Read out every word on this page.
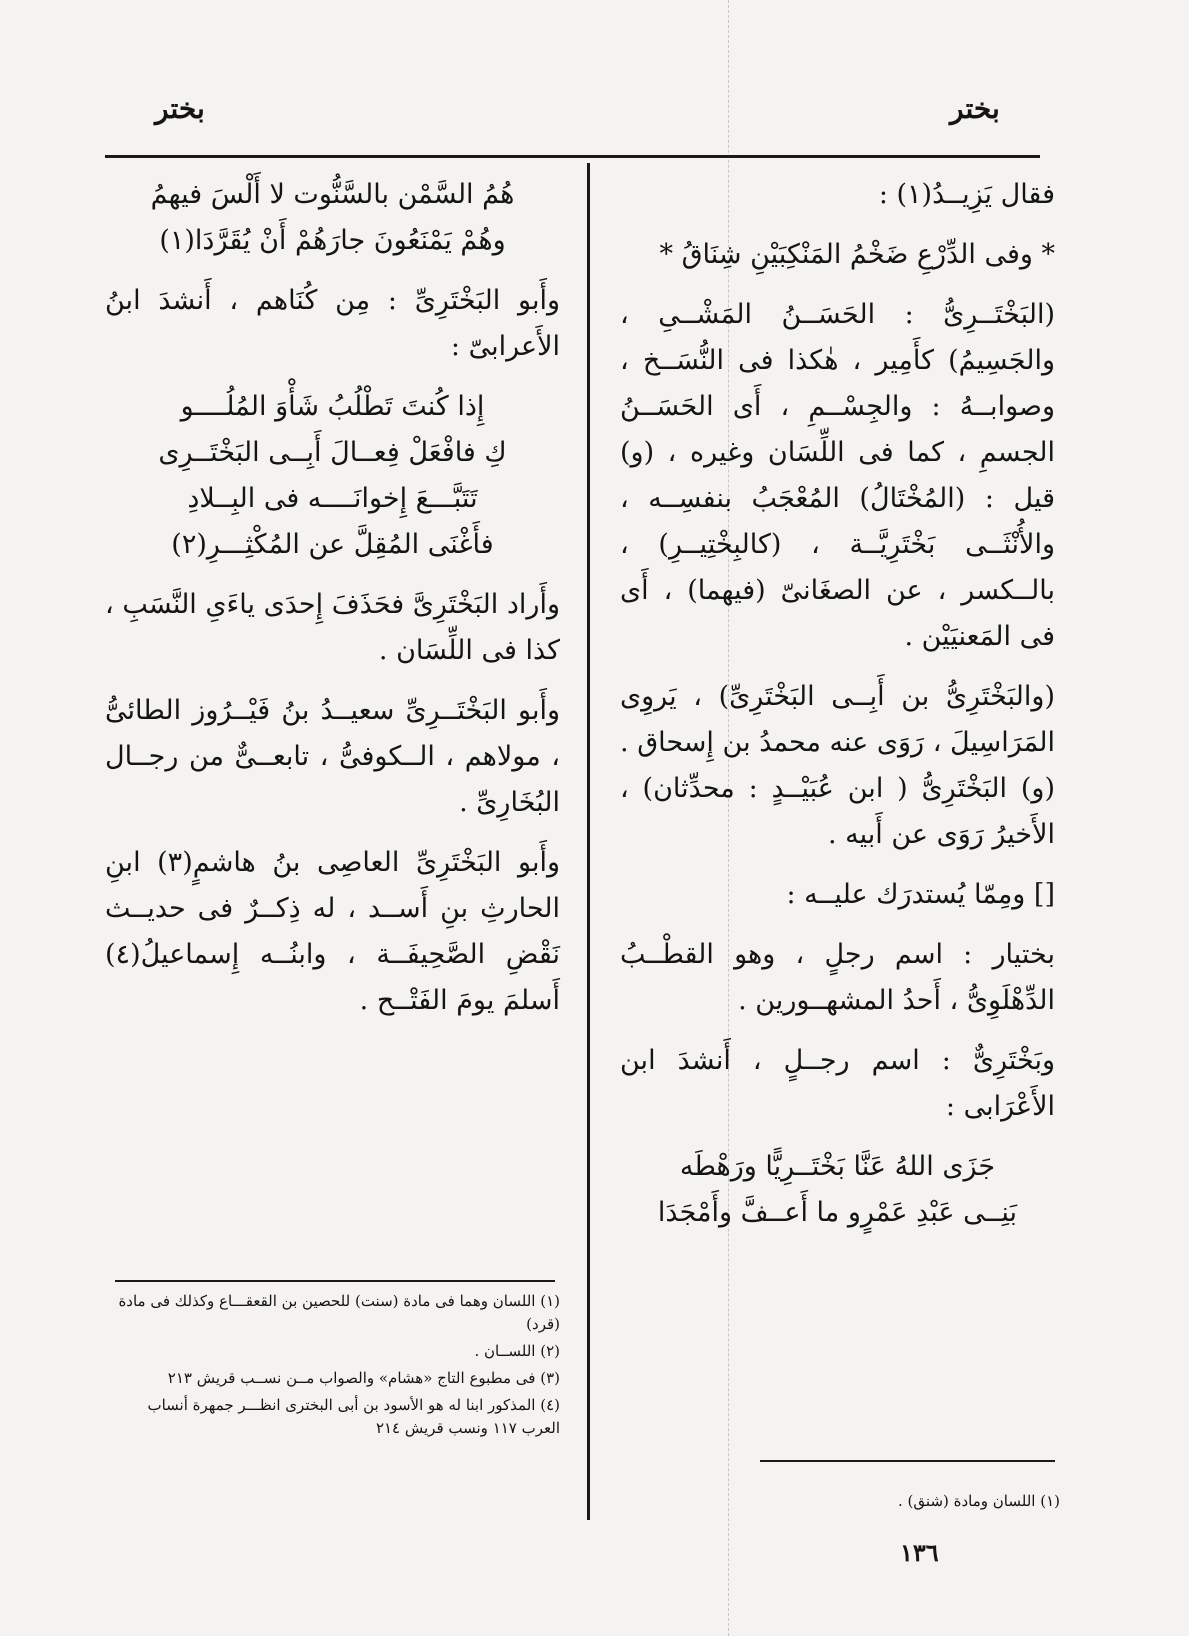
بختر	بختر

فقال يَزِيــدُ(١) :

* وفى الدِّرْعِ ضَخْمُ المَنْكِبَيْنِ شِنَاقُ *

(البَخْتَــرِىُّ : الحَسَــنُ المَشْــىِ ، والجَسِيمُ) كأَمِير ، هٰكذا فى النُّسَــخ ، وصوابــهُ : والجِسْــمِ ، أَى الحَسَــنُ الجسمِ ، كما فى اللِّسَان وغيره ، (و) قيل : (المُخْتَالُ) المُعْجَبُ بنفسِــه ، والأُنْثَــى بَخْتَرِيَّــة ، (كالبِخْتِيــرِ) ، بالــكسر ، عن الصغَانىّ (فيهما) ، أَى فى المَعنيَيْن .

(والبَخْتَرِىُّ بن أَبِــى البَخْتَرِىِّ) ، يَروِى المَرَاسِيلَ ، رَوَى عنه محمدُ بن إِسحاق . (و) البَخْتَرِىُّ ( ابن عُبَيْــدٍ : محدِّثان) ، الأَخيرُ رَوَى عن أَبيه .

[] ومِمّا يُستدرَك عليــه :

بختيار : اسم رجلٍ ، وهو القطْــبُ الدِّهْلَوِىُّ ، أَحدُ المشهــورين .

وبَخْتَرِىٌّ : اسم رجــلٍ ، أَنشدَ ابن الأَعْرَابى :

جَزَى اللهُ عَنَّا بَخْتَــرِيًّا ورَهْطَه
بَنِــى عَبْدِ عَمْرٍو ما أَعــفَّ وأَمْجَدَا
هُمُ السَّمْن بالسَّنُّوت لا أَلْسَ فيهمُ
وهُمْ يَمْنَعُونَ جارَهُمْ أَنْ يُقَرَّدَا(١)

وأَبو البَخْتَرِىِّ : مِن كُنَاهم ، أَنشدَ ابنُ الأَعرابىّ :

إِذا كُنتَ تَطْلُبُ شَأْوَ المُلُــــو
كِ فافْعَلْ فِعــالَ أَبِــى البَخْتَــرِى
تَتَبَّـــعَ إِخوانَــــه فى البِــلادِ
فأَغْنَى المُقِلَّ عن المُكْثِـــرِ(٢)

وأَراد البَخْتَرِىَّ فحَذَفَ إِحدَى ياءَىِ النَّسَبِ ، كذا فى اللِّسَان .

وأَبو البَخْتَــرِىِّ سعيــدُ بنُ فَيْــرُوز الطائىُّ ، مولاهم ، الــكوفىُّ ، تابعــىٌّ من رجــال البُخَارِىِّ .

وأَبو البَخْتَرِىِّ العاصِى بنُ هاشمٍ(٣) ابنِ الحارثِ بنِ أَســد ، له ذِكــرٌ فى حديــث نَقْضِ الصَّحِيفَــة ، وابنُــه إِسماعيلُ(٤) أَسلمَ يومَ الفَتْــح .

(١) اللسان وهما فى مادة (سنت) للحصين بن القعقـــاع وكذلك فى مادة (قرد)

(٢) اللســان .

(٣) فى مطبوع التاج «هشام» والصواب مــن نســب قريش ٢١٣

(٤) المذكور ابنا له هو الأسود بن أبى البخترى انظـــر جمهرة أنساب العرب ١١٧ ونسب قريش ٢١٤

(١) اللسان ومادة (شنق) .

١٣٦
